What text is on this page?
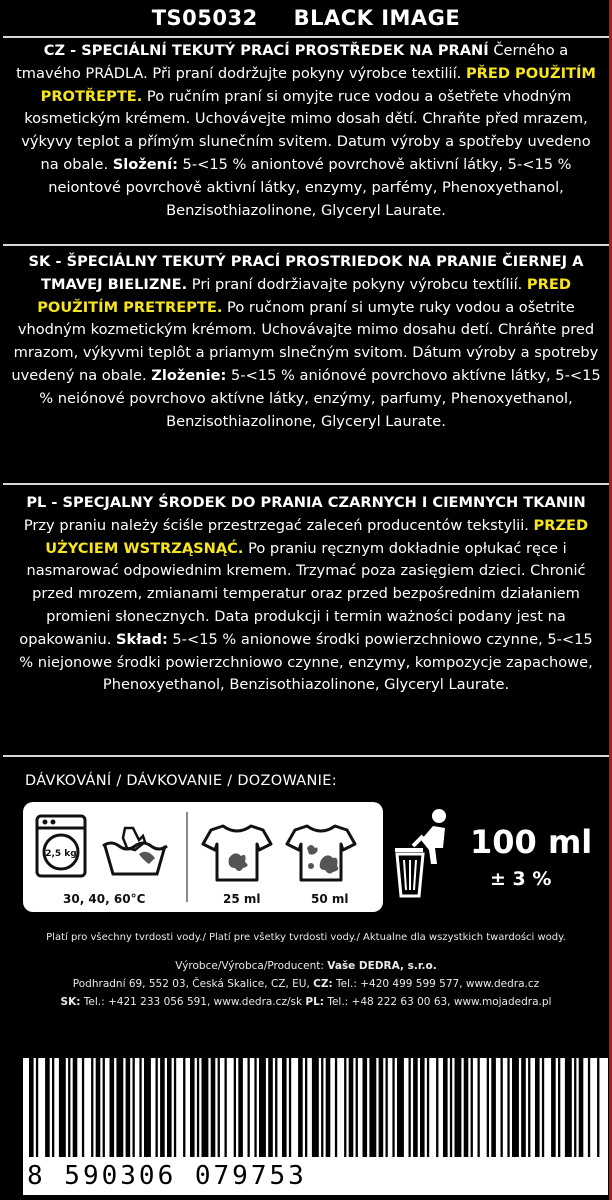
TS05032 BLACK IMAGE
CZ - SPECIÁLNÍ TEKUTÝ PRACÍ PROSTŘEDEK NA PRANÍ Černého a tmavého PRÁDLA. Při praní dodržujte pokyny výrobce textilií. PŘED POUŽITÍM PROTŘEPTE. Po ručním praní si omyjte ruce vodou a ošetřete vhodným kosmetickým krémem. Uchovávejte mimo dosah dětí. Chraňte před mrazem, výkyvy teplot a přímým slunečním svitem. Datum výroby a spotřeby uvedeno na obale. Složení: 5-<15 % aniontové povrchově aktivní látky, 5-<15 % neiontové povrchově aktivní látky, enzymy, parfémy, Phenoxyethanol, Benzisothiazolinone, Glyceryl Laurate.
SK - ŠPECIÁLNY TEKUTÝ PRACÍ PROSTRIEDOK NA PRANIE ČIERNEJ A TMAVEJ BIELIZNE. Pri praní dodržiavajte pokyny výrobcu textílií. PRED POUŽITÍM PRETREPTE. Po ručnom praní si umyte ruky vodou a ošetrite vhodným kozmetickým krémom. Uchovávajte mimo dosahu detí. Chráňte pred mrazom, výkyvmi teplôt a priamym slnečným svitom. Dátum výroby a spotreby uvedený na obale. Zloženie: 5-<15 % aniónové povrchovo aktívne látky, 5-<15 % neiónové povrchovo aktívne látky, enzýmy, parfumy, Phenoxyethanol, Benzisothiazolinone, Glyceryl Laurate.
PL - SPECJALNY ŚRODEK DO PRANIA CZARNYCH I CIEMNYCH TKANIN Przy praniu należy ściśle przestrzegać zaleceń producentów tekstylii. PRZED UŻYCIEM WSTRZĄSNĄĆ. Po praniu ręcznym dokładnie opłukać ręce i nasmarować odpowiednim kremem. Trzymać poza zasięgiem dzieci. Chronić przed mrozem, zmianami temperatur oraz przed bezpośrednim działaniem promieni słonecznych. Data produkcji i termin ważności podany jest na opakowaniu. Skład: 5-<15 % anionowe środki powierzchniowo czynne, 5-<15 % niejonowe środki powierzchniowo czynne, enzymy, kompozycje zapachowe, Phenoxyethanol, Benzisothiazolinone, Glyceryl Laurate.
DÁVKOVÁNÍ / DÁVKOVANIE / DOZOWANIE:
2,5 kg
30, 40, 60°C	25 ml	50 ml
100 ml
± 3 %
Platí pro všechny tvrdosti vody./ Platí pre všetky tvrdosti vody./ Aktualne dla wszystkich twardości wody.
Výrobce/Výrobca/Producent: Vaše DEDRA, s.r.o.
Podhradní 69, 552 03, Česká Skalice, CZ, EU, CZ: Tel.: +420 499 599 577, www.dedra.cz
SK: Tel.: +421 233 056 591, www.dedra.cz/sk PL: Tel.: +48 222 63 00 63, www.mojadedra.pl
8 590306 079753
